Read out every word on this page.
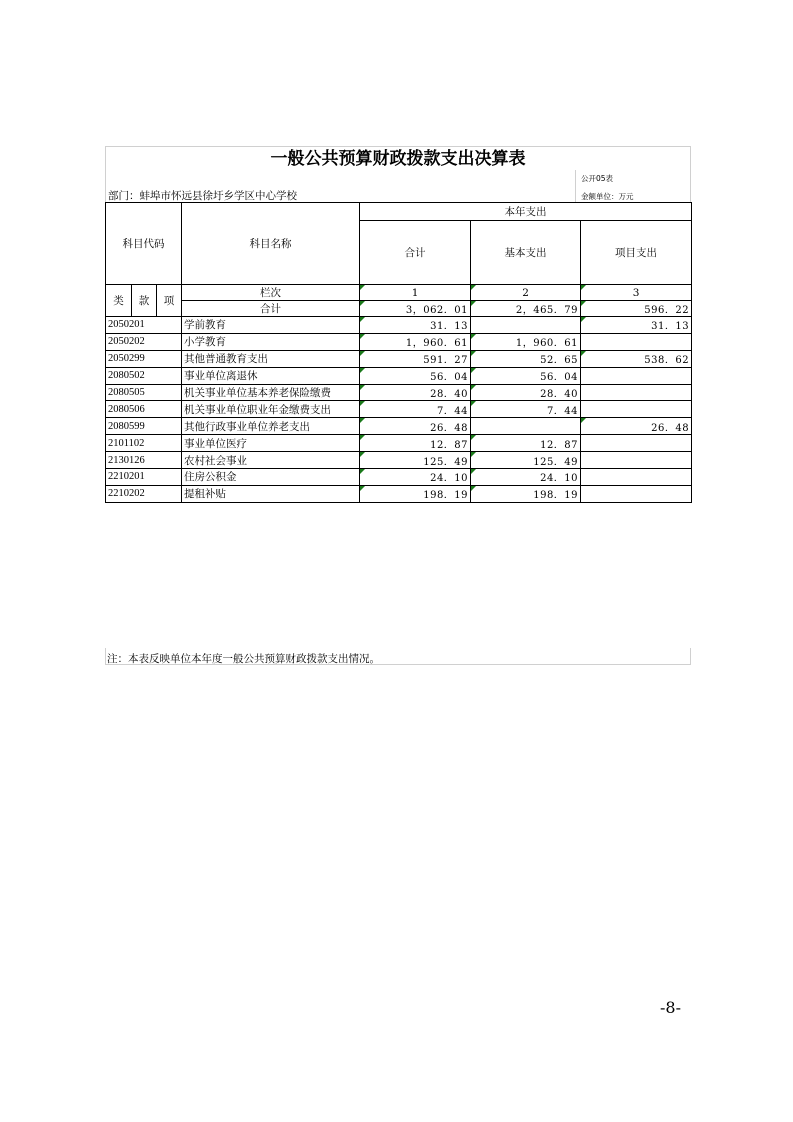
一般公共预算财政拨款支出决算表
公开05表
部门：蚌埠市怀远县徐圩乡学区中心学校	金额单位：万元
科目代码			科目名称	本年支出		
				合计	基本支出	项目支出

类	款	项	栏次	1	2	3
			合计	3，062．01	2，465．79	596．22
2050201			学前教育	31．13		31．13
2050202			小学教育	1，960．61	1，960．61	
2050299			其他普通教育支出	591．27	52．65	538．62
2080502			事业单位离退休	56．04	56．04	
2080505			机关事业单位基本养老保险缴费	28．40	28．40	
2080506			机关事业单位职业年金缴费支出	7．44	7．44	
2080599			其他行政事业单位养老支出	26．48		26．48
2101102			事业单位医疗	12．87	12．87	
2130126			农村社会事业	125．49	125．49	
2210201			住房公积金	24．10	24．10	
2210202			提租补贴	198．19	198．19	
注：本表反映单位本年度一般公共预算财政拨款支出情况。
-8-
